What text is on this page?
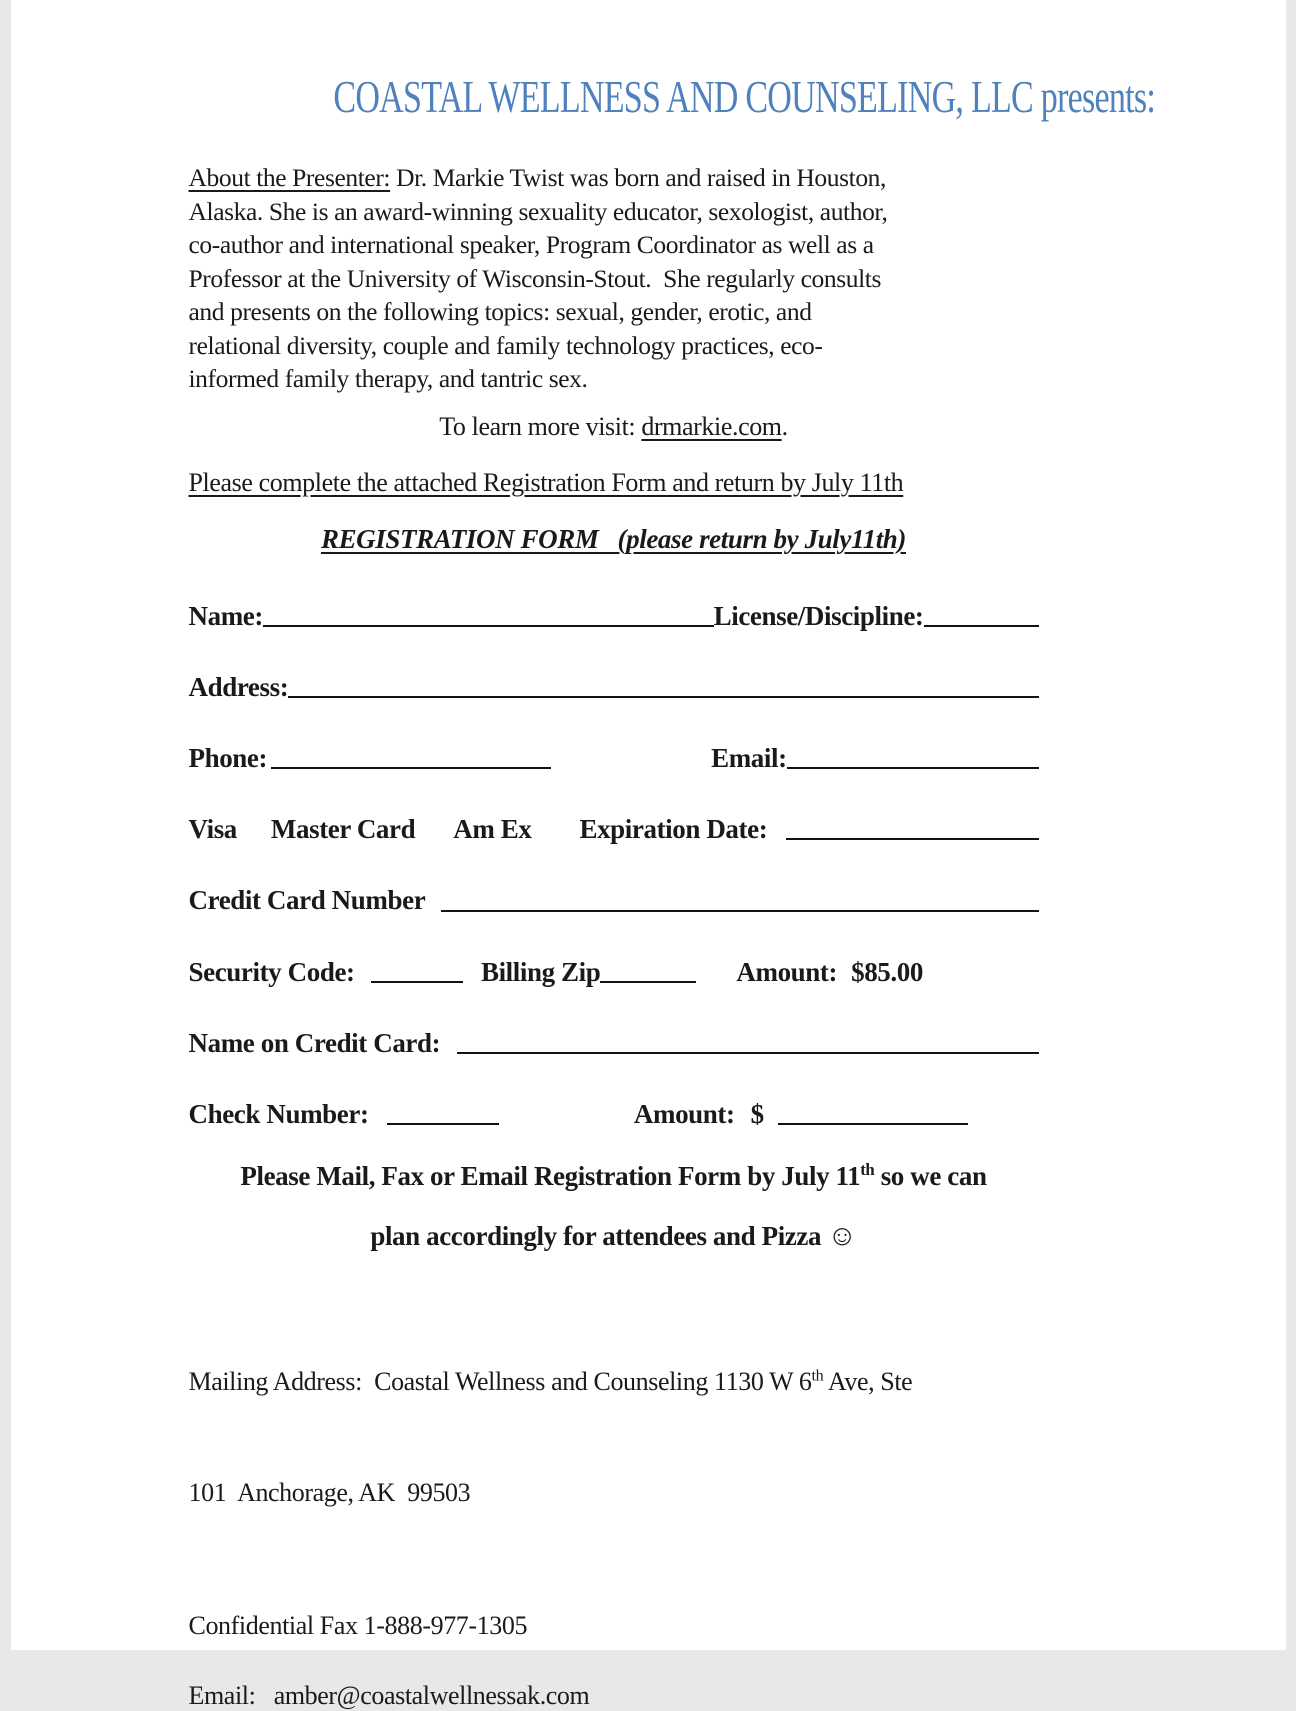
COASTAL WELLNESS AND COUNSELING, LLC presents:
About the Presenter: Dr. Markie Twist was born and raised in Houston,
Alaska. She is an award-winning sexuality educator, sexologist, author,
co-author and international speaker, Program Coordinator as well as a
Professor at the University of Wisconsin-Stout.  She regularly consults
and presents on the following topics: sexual, gender, erotic, and
relational diversity, couple and family technology practices, eco-
informed family therapy, and tantric sex.
To learn more visit: drmarkie.com.
Please complete the attached Registration Form and return by July 11th
REGISTRATION FORM   (please return by July11th)
Name:	License/Discipline:
Address:
Phone:	Email:
Visa Master Card Am Ex Expiration Date:
Credit Card Number
Security Code:	Billing Zip	Amount: $85.00
Name on Credit Card:
Check Number:	Amount: $
Please Mail, Fax or Email Registration Form by July 11th so we can
plan accordingly for attendees and Pizza ☺

Mailing Address:  Coastal Wellness and Counseling 1130 W 6th Ave, Ste

101  Anchorage, AK  99503

Confidential Fax 1-888-977-1305
Email:   amber@coastalwellnessak.com
